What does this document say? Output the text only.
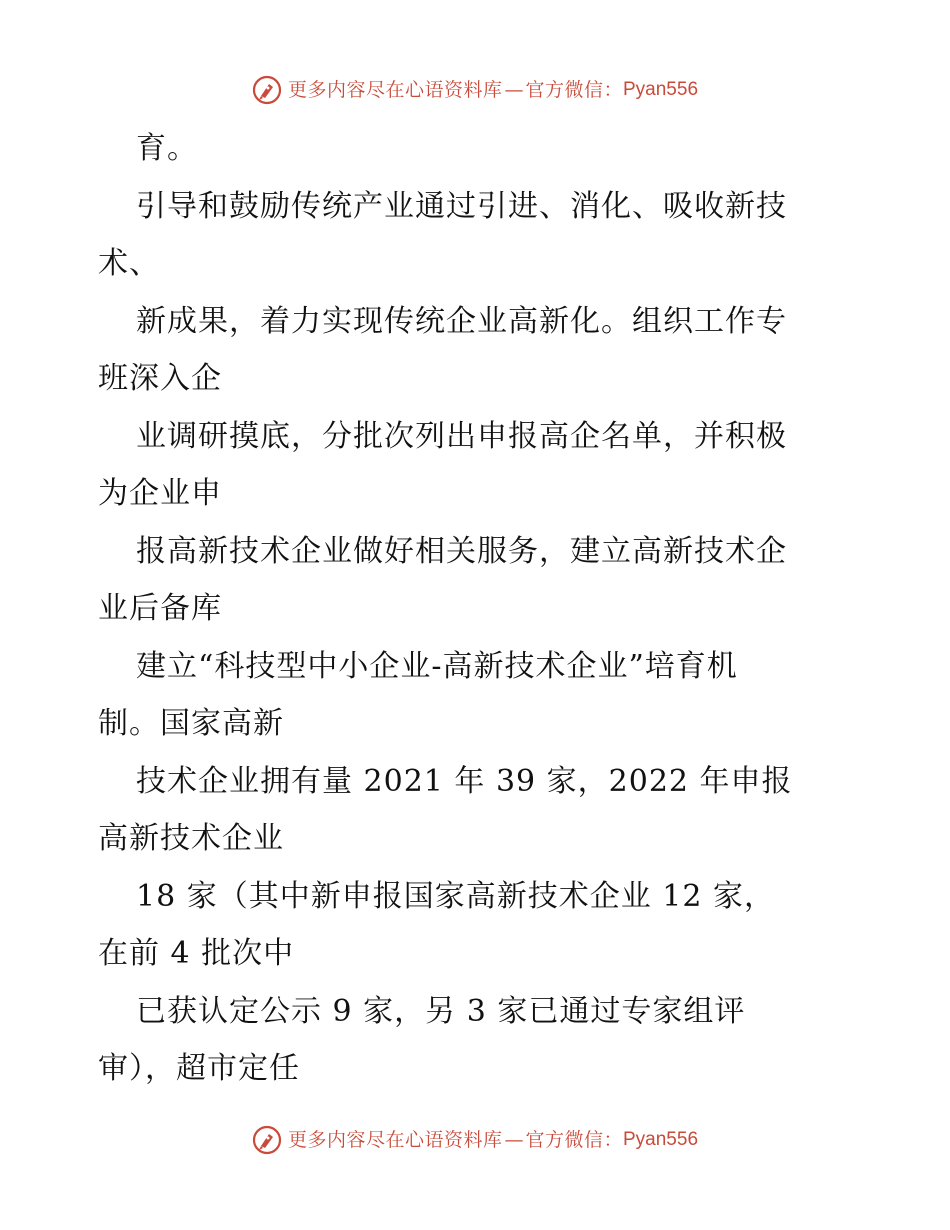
更多内容尽在心语资料库 — 官方微信： Pyan556
育。
引导和鼓励传统产业通过引进、消化、吸收新技
术、
新成果，着力实现传统企业高新化。组织工作专
班深入企
业调研摸底，分批次列出申报高企名单，并积极
为企业申
报高新技术企业做好相关服务，建立高新技术企
业后备库
建立“科技型中小企业-高新技术企业”培育机
制。国家高新
技术企业拥有量 2021 年 39 家，2022 年申报
高新技术企业
18 家（其中新申报国家高新技术企业 12 家，
在前 4 批次中
已获认定公示 9 家，另 3 家已通过专家组评
审），超市定任
更多内容尽在心语资料库 — 官方微信： Pyan556
